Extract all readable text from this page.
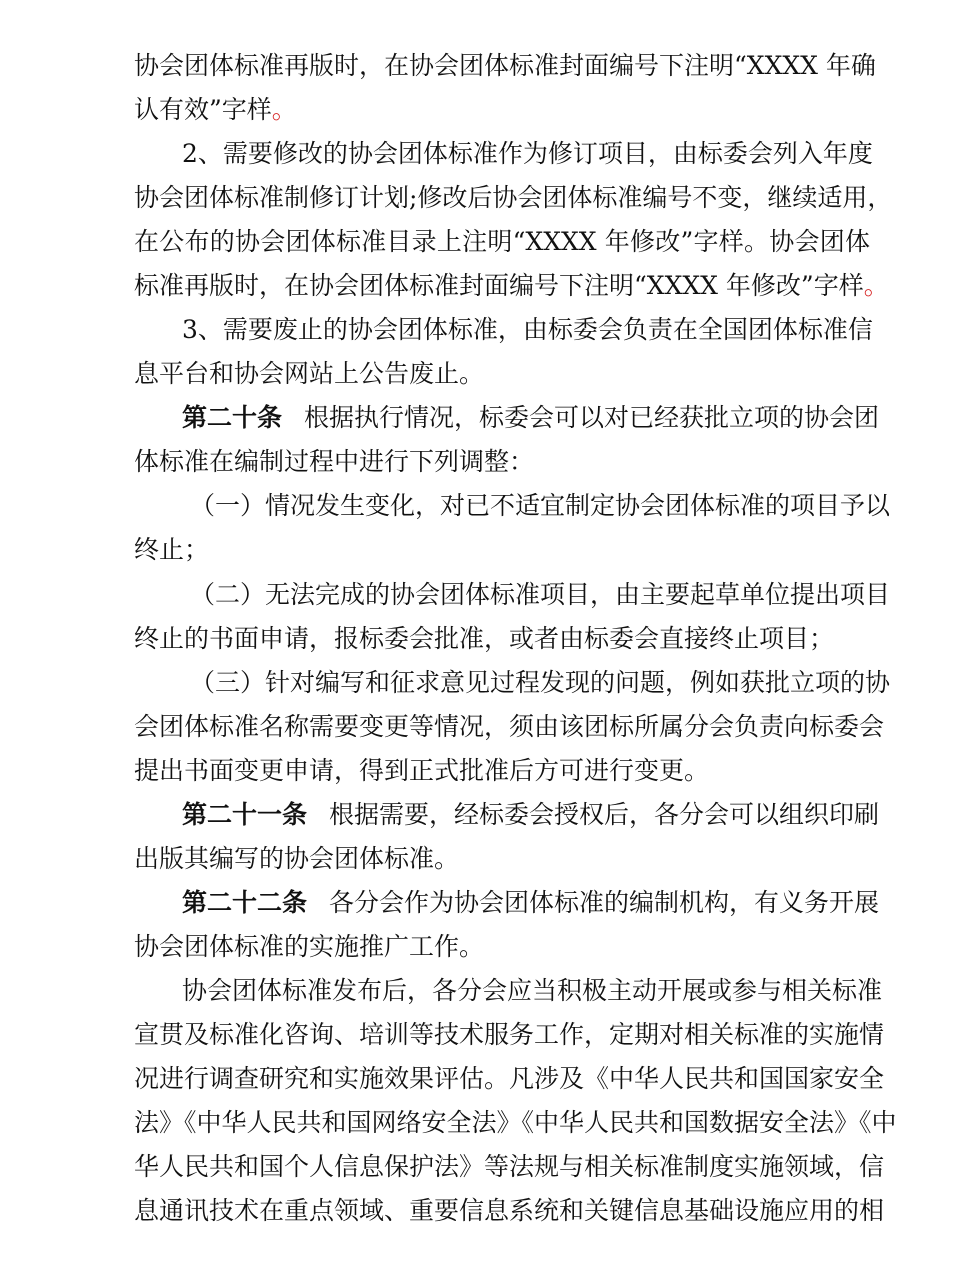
协会团体标准再版时，在协会团体标准封面编号下注明“XXXX 年确
认有效”字样。
2、需要修改的协会团体标准作为修订项目，由标委会列入年度
协会团体标准制修订计划;修改后协会团体标准编号不变，继续适用，
在公布的协会团体标准目录上注明“XXXX 年修改”字样。协会团体
标准再版时，在协会团体标准封面编号下注明“XXXX 年修改”字样。
3、需要废止的协会团体标准，由标委会负责在全国团体标准信
息平台和协会网站上公告废止。
第二十条 根据执行情况，标委会可以对已经获批立项的协会团
体标准在编制过程中进行下列调整：
（一）情况发生变化，对已不适宜制定协会团体标准的项目予以
终止；
（二）无法完成的协会团体标准项目，由主要起草单位提出项目
终止的书面申请，报标委会批准，或者由标委会直接终止项目；
（三）针对编写和征求意见过程发现的问题，例如获批立项的协
会团体标准名称需要变更等情况，须由该团标所属分会负责向标委会
提出书面变更申请，得到正式批准后方可进行变更。
第二十一条 根据需要，经标委会授权后，各分会可以组织印刷
出版其编写的协会团体标准。
第二十二条 各分会作为协会团体标准的编制机构，有义务开展
协会团体标准的实施推广工作。
协会团体标准发布后，各分会应当积极主动开展或参与相关标准
宣贯及标准化咨询、培训等技术服务工作，定期对相关标准的实施情
况进行调查研究和实施效果评估。凡涉及《中华人民共和国国家安全
法》《中华人民共和国网络安全法》《中华人民共和国数据安全法》《中
华人民共和国个人信息保护法》等法规与相关标准制度实施领域，信
息通讯技术在重点领域、重要信息系统和关键信息基础设施应用的相
